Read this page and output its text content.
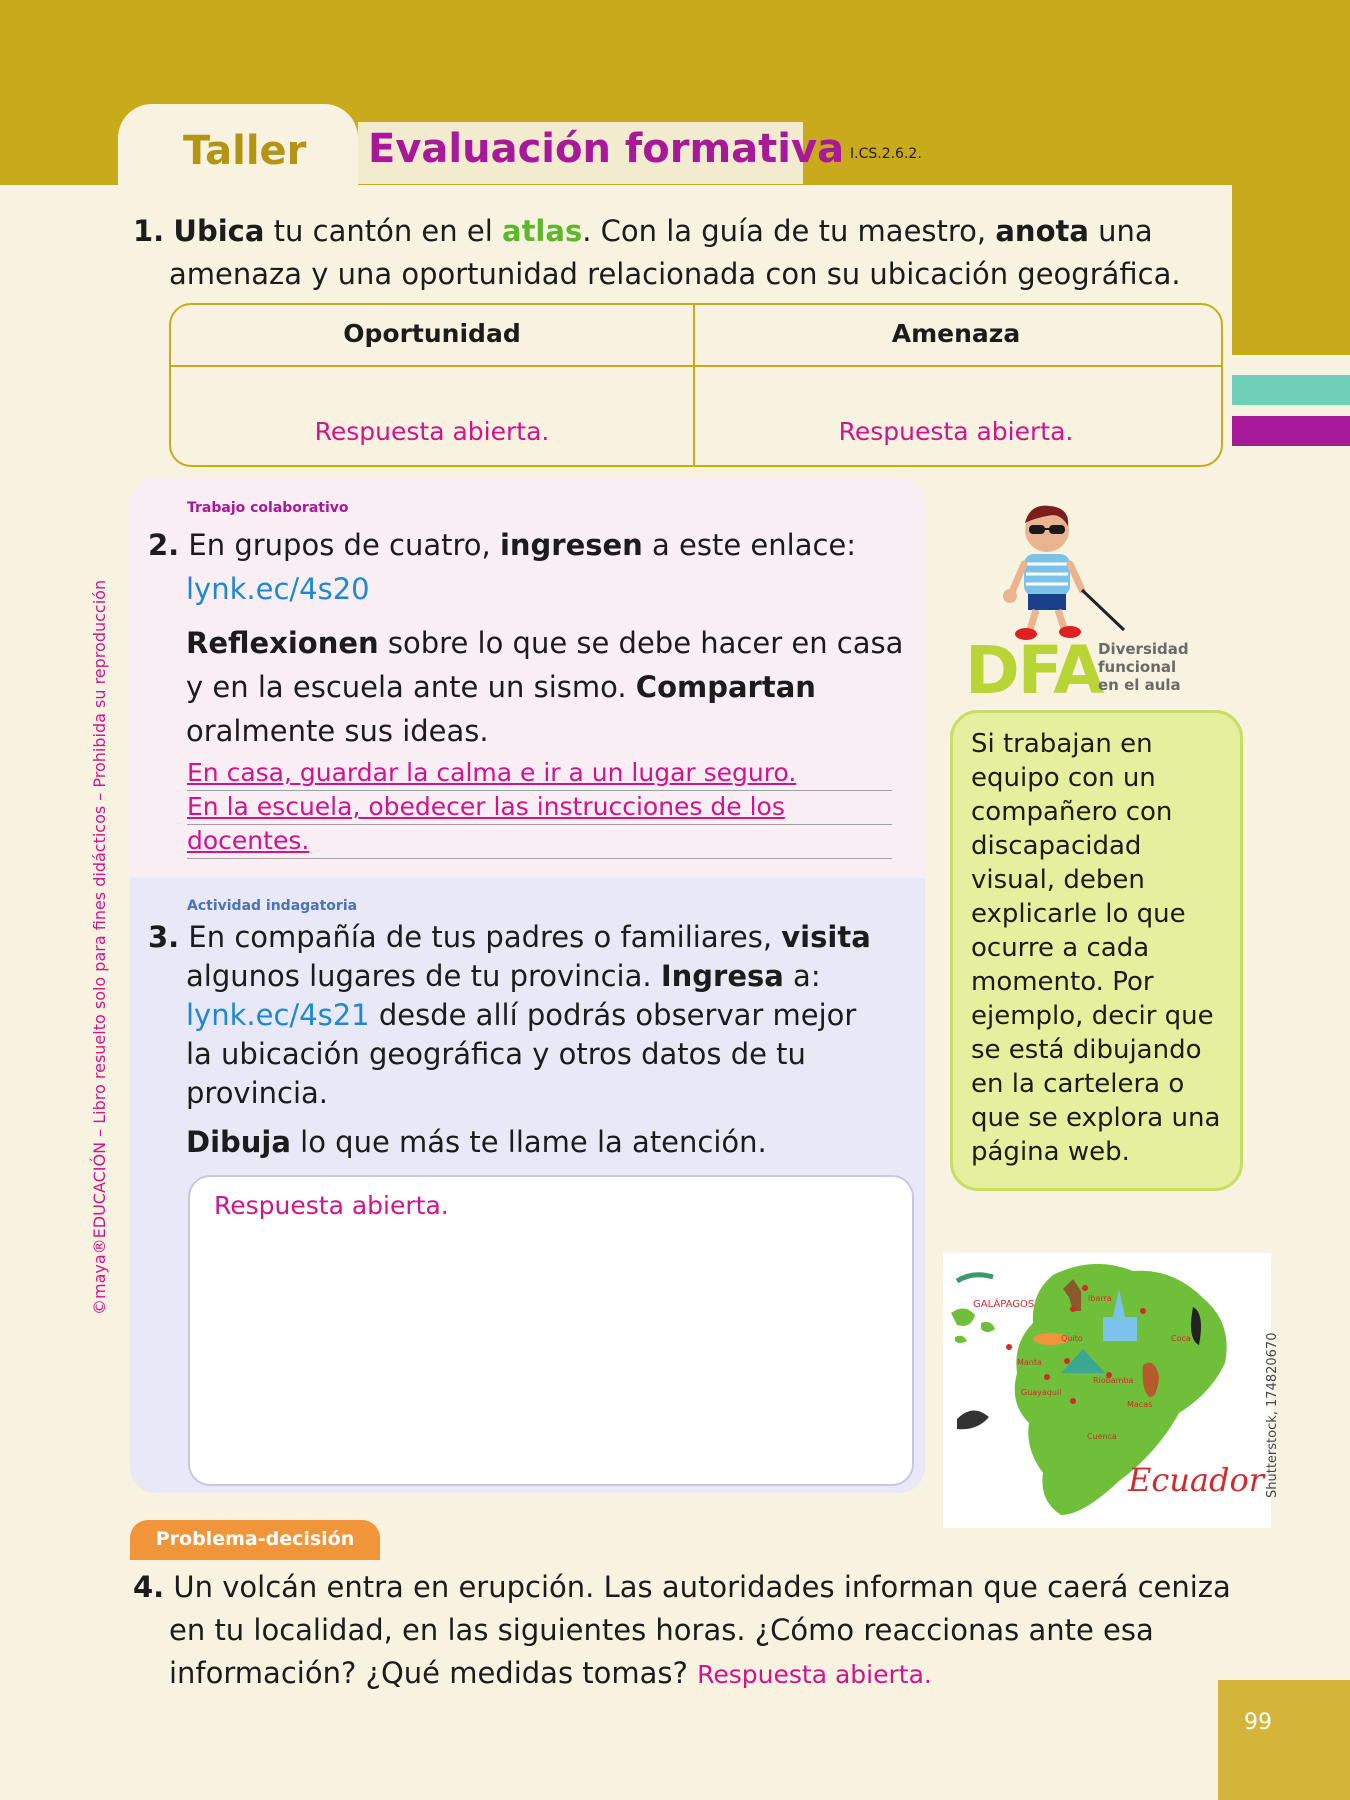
Taller Evaluación formativa I.CS.2.6.2.
1. Ubica tu cantón en el atlas. Con la guía de tu maestro, anota una
amenaza y una oportunidad relacionada con su ubicación geográfica.
Oportunidad	Amenaza
Respuesta abierta.	Respuesta abierta.
Trabajo colaborativo
2. En grupos de cuatro, ingresen a este enlace:
lynk.ec/4s20
Reflexionen sobre lo que se debe hacer en casa
y en la escuela ante un sismo. Compartan
oralmente sus ideas.
En casa, guardar la calma e ir a un lugar seguro.
En la escuela, obedecer las instrucciones de los
docentes.
Actividad indagatoria
3. En compañía de tus padres o familiares, visita
algunos lugares de tu provincia. Ingresa a:
lynk.ec/4s21 desde allí podrás observar mejor
la ubicación geográfica y otros datos de tu
provincia.
Dibuja lo que más te llame la atención.
Respuesta abierta.
Problema-decisión
4. Un volcán entra en erupción. Las autoridades informan que caerá ceniza
en tu localidad, en las siguientes horas. ¿Cómo reaccionas ante esa
información? ¿Qué medidas tomas? Respuesta abierta.
DFA
Diversidad
funcional
en el aula
Si trabajan en equipo con un compañero con discapacidad visual, deben explicarle lo que ocurre a cada momento. Por ejemplo, decir que se está dibujando en la cartelera o que se explora una página web.
GALÁPAGOS
Ibarra
Quito	Coca
Manta
Riobamba
Guayaquil
Macas
Cuenca
Ecuador Shutterstock, 174820670
©maya®EDUCACIÓN – Libro resuelto solo para fines didácticos – Prohibida su reproducción
99
